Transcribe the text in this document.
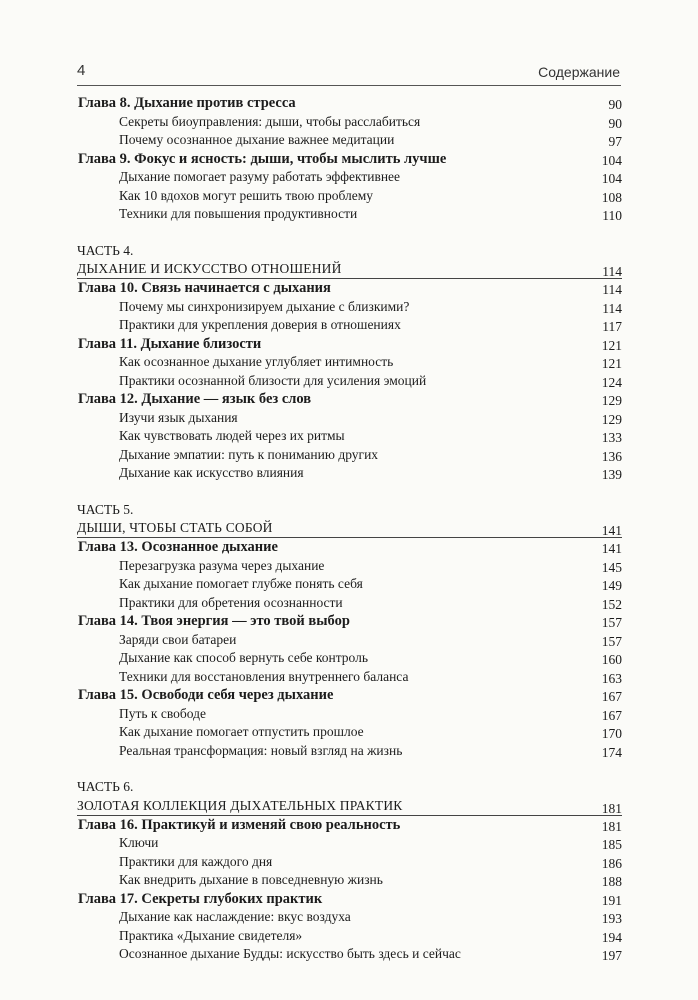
4	Содержание
Глава 8. Дыхание против стресса	90
Секреты биоуправления: дыши, чтобы расслабиться	90
Почему осознанное дыхание важнее медитации	97
Глава 9. Фокус и ясность: дыши, чтобы мыслить лучше	104
Дыхание помогает разуму работать эффективнее	104
Как 10 вдохов могут решить твою проблему	108
Техники для повышения продуктивности	110
ЧАСТЬ 4.
ДЫХАНИЕ И ИСКУССТВО ОТНОШЕНИЙ	114
Глава 10. Связь начинается с дыхания	114
Почему мы синхронизируем дыхание с близкими?	114
Практики для укрепления доверия в отношениях	117
Глава 11. Дыхание близости	121
Как осознанное дыхание углубляет интимность	121
Практики осознанной близости для усиления эмоций	124
Глава 12. Дыхание — язык без слов	129
Изучи язык дыхания	129
Как чувствовать людей через их ритмы	133
Дыхание эмпатии: путь к пониманию других	136
Дыхание как искусство влияния	139
ЧАСТЬ 5.
ДЫШИ, ЧТОБЫ СТАТЬ СОБОЙ	141
Глава 13. Осознанное дыхание	141
Перезагрузка разума через дыхание	145
Как дыхание помогает глубже понять себя	149
Практики для обретения осознанности	152
Глава 14. Твоя энергия — это твой выбор	157
Заряди свои батареи	157
Дыхание как способ вернуть себе контроль	160
Техники для восстановления внутреннего баланса	163
Глава 15. Освободи себя через дыхание	167
Путь к свободе	167
Как дыхание помогает отпустить прошлое	170
Реальная трансформация: новый взгляд на жизнь	174
ЧАСТЬ 6.
ЗОЛОТАЯ КОЛЛЕКЦИЯ ДЫХАТЕЛЬНЫХ ПРАКТИК	181
Глава 16. Практикуй и изменяй свою реальность	181
Ключи	185
Практики для каждого дня	186
Как внедрить дыхание в повседневную жизнь	188
Глава 17. Секреты глубоких практик	191
Дыхание как наслаждение: вкус воздуха	193
Практика «Дыхание свидетеля»	194
Осознанное дыхание Будды: искусство быть здесь и сейчас	197
